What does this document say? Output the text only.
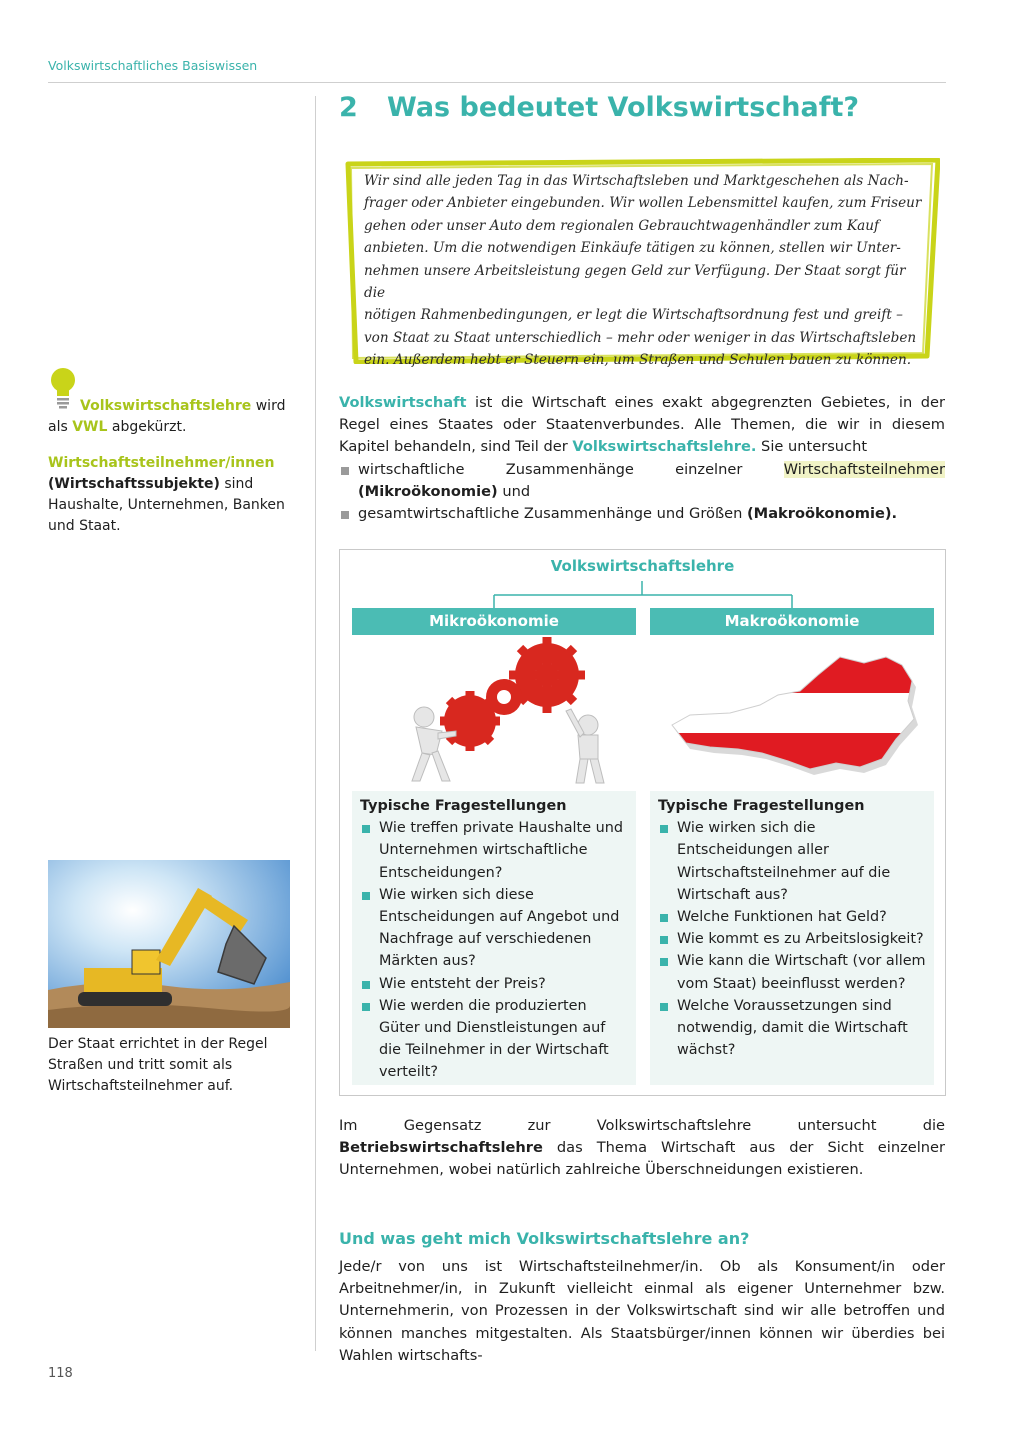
Volkswirtschaftliches Basiswissen
2 Was bedeutet Volkswirtschaft?
Wir sind alle jeden Tag in das Wirtschaftsleben und Marktgeschehen als Nach-
frager oder Anbieter eingebunden. Wir wollen Lebensmittel kaufen, zum Friseur
gehen oder unser Auto dem regionalen Gebrauchtwagenhändler zum Kauf
anbieten. Um die notwendigen Einkäufe tätigen zu können, stellen wir Unter-
nehmen unsere Arbeitsleistung gegen Geld zur Verfügung. Der Staat sorgt für die
nötigen Rahmenbedingungen, er legt die Wirtschaftsordnung fest und greift –
von Staat zu Staat unterschiedlich – mehr oder weniger in das Wirtschaftsleben
ein. Außerdem hebt er Steuern ein, um Straßen und Schulen bauen zu können.

Volkswirtschaftslehre wird als VWL abgekürzt.

Wirtschaftsteilnehmer/innen
(Wirtschaftssubjekte) sind Haushalte, Unternehmen, Banken und Staat.

Volkswirtschaft ist die Wirtschaft eines exakt abgegrenzten Gebietes, in der Regel eines Staates oder Staatenverbundes. Alle Themen, die wir in diesem Kapitel behandeln, sind Teil der Volkswirtschaftslehre. Sie untersucht
wirtschaftliche Zusammenhänge einzelner Wirtschaftsteilnehmer (Mikroökonomie) und
gesamtwirtschaftliche Zusammenhänge und Größen (Makroökonomie).
Volkswirtschaftslehre
Mikroökonomie
Typische Fragestellungen
Wie treffen private Haushalte und Unternehmen wirtschaftliche Entscheidungen?
Wie wirken sich diese Entscheidungen auf Angebot und Nachfrage auf verschiedenen Märkten aus?
Wie entsteht der Preis?
Wie werden die produzierten Güter und Dienstleistungen auf die Teilnehmer in der Wirtschaft verteilt?
Makroökonomie
Typische Fragestellungen
Wie wirken sich die Entscheidungen aller Wirtschaftsteilnehmer auf die Wirtschaft aus?
Welche Funktionen hat Geld?
Wie kommt es zu Arbeitslosigkeit?
Wie kann die Wirtschaft (vor allem vom Staat) beeinflusst werden?
Welche Voraussetzungen sind notwendig, damit die Wirtschaft wächst?
Der Staat errichtet in der Regel Straßen und tritt somit als Wirtschaftsteilnehmer auf.
Im Gegensatz zur Volkswirtschaftslehre untersucht die Betriebswirtschaftslehre das Thema Wirtschaft aus der Sicht einzelner Unternehmen, wobei natürlich zahlreiche Überschneidungen existieren.
Und was geht mich Volkswirtschaftslehre an?
Jede/r von uns ist Wirtschaftsteilnehmer/in. Ob als Konsument/in oder Arbeitnehmer/in, in Zukunft vielleicht einmal als eigener Unternehmer bzw. Unternehmerin, von Prozessen in der Volkswirtschaft sind wir alle betroffen und können manches mitgestalten. Als Staatsbürger/innen können wir überdies bei Wahlen wirtschafts-
118
